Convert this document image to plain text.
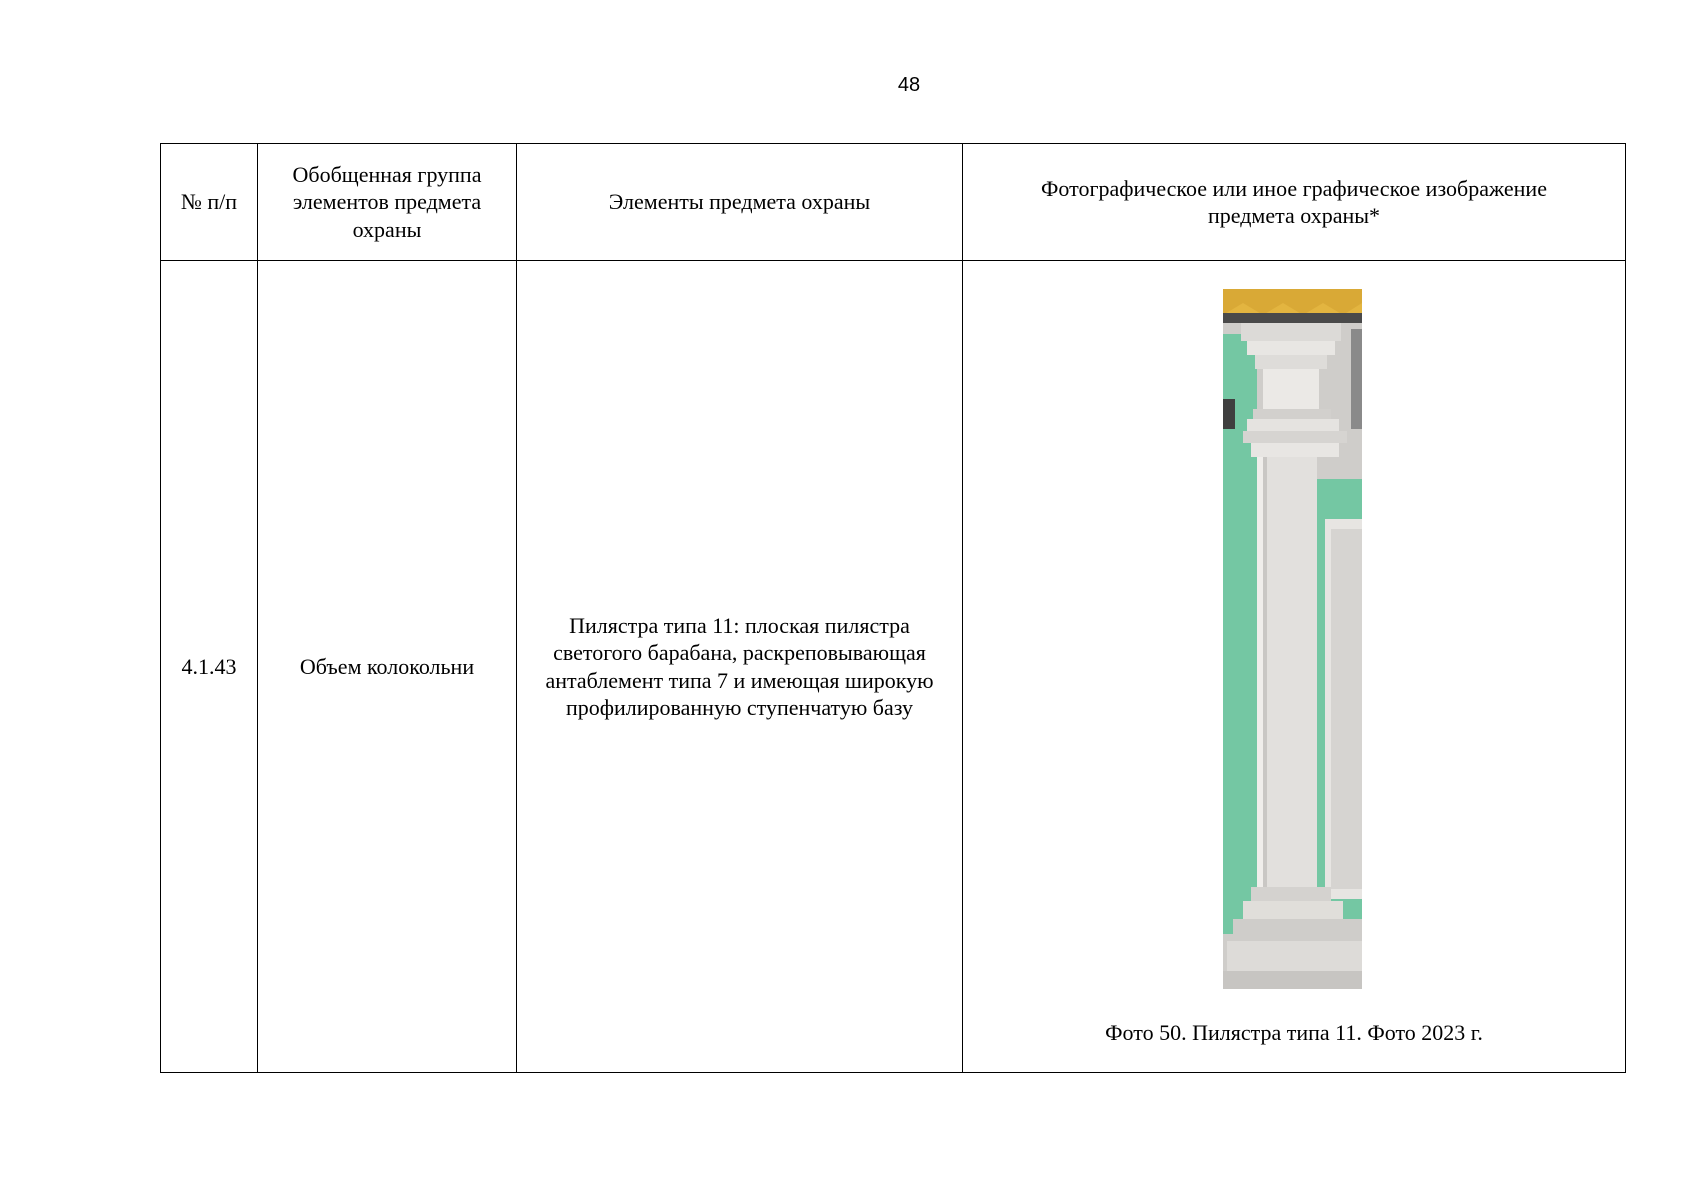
48
№ п/п	Обобщенная группа элементов предмета охраны	Элементы предмета охраны	Фотографическое или иное графическое изображение предмета охраны*
4.1.43	Объем колокольни	Пилястра типа 11: плоская пилястра светогого барабана, раскреповывающая антаблемент типа 7 и имеющая широкую профилированную ступенчатую базу	Фото 50. Пилястра типа 11. Фото 2023 г.
